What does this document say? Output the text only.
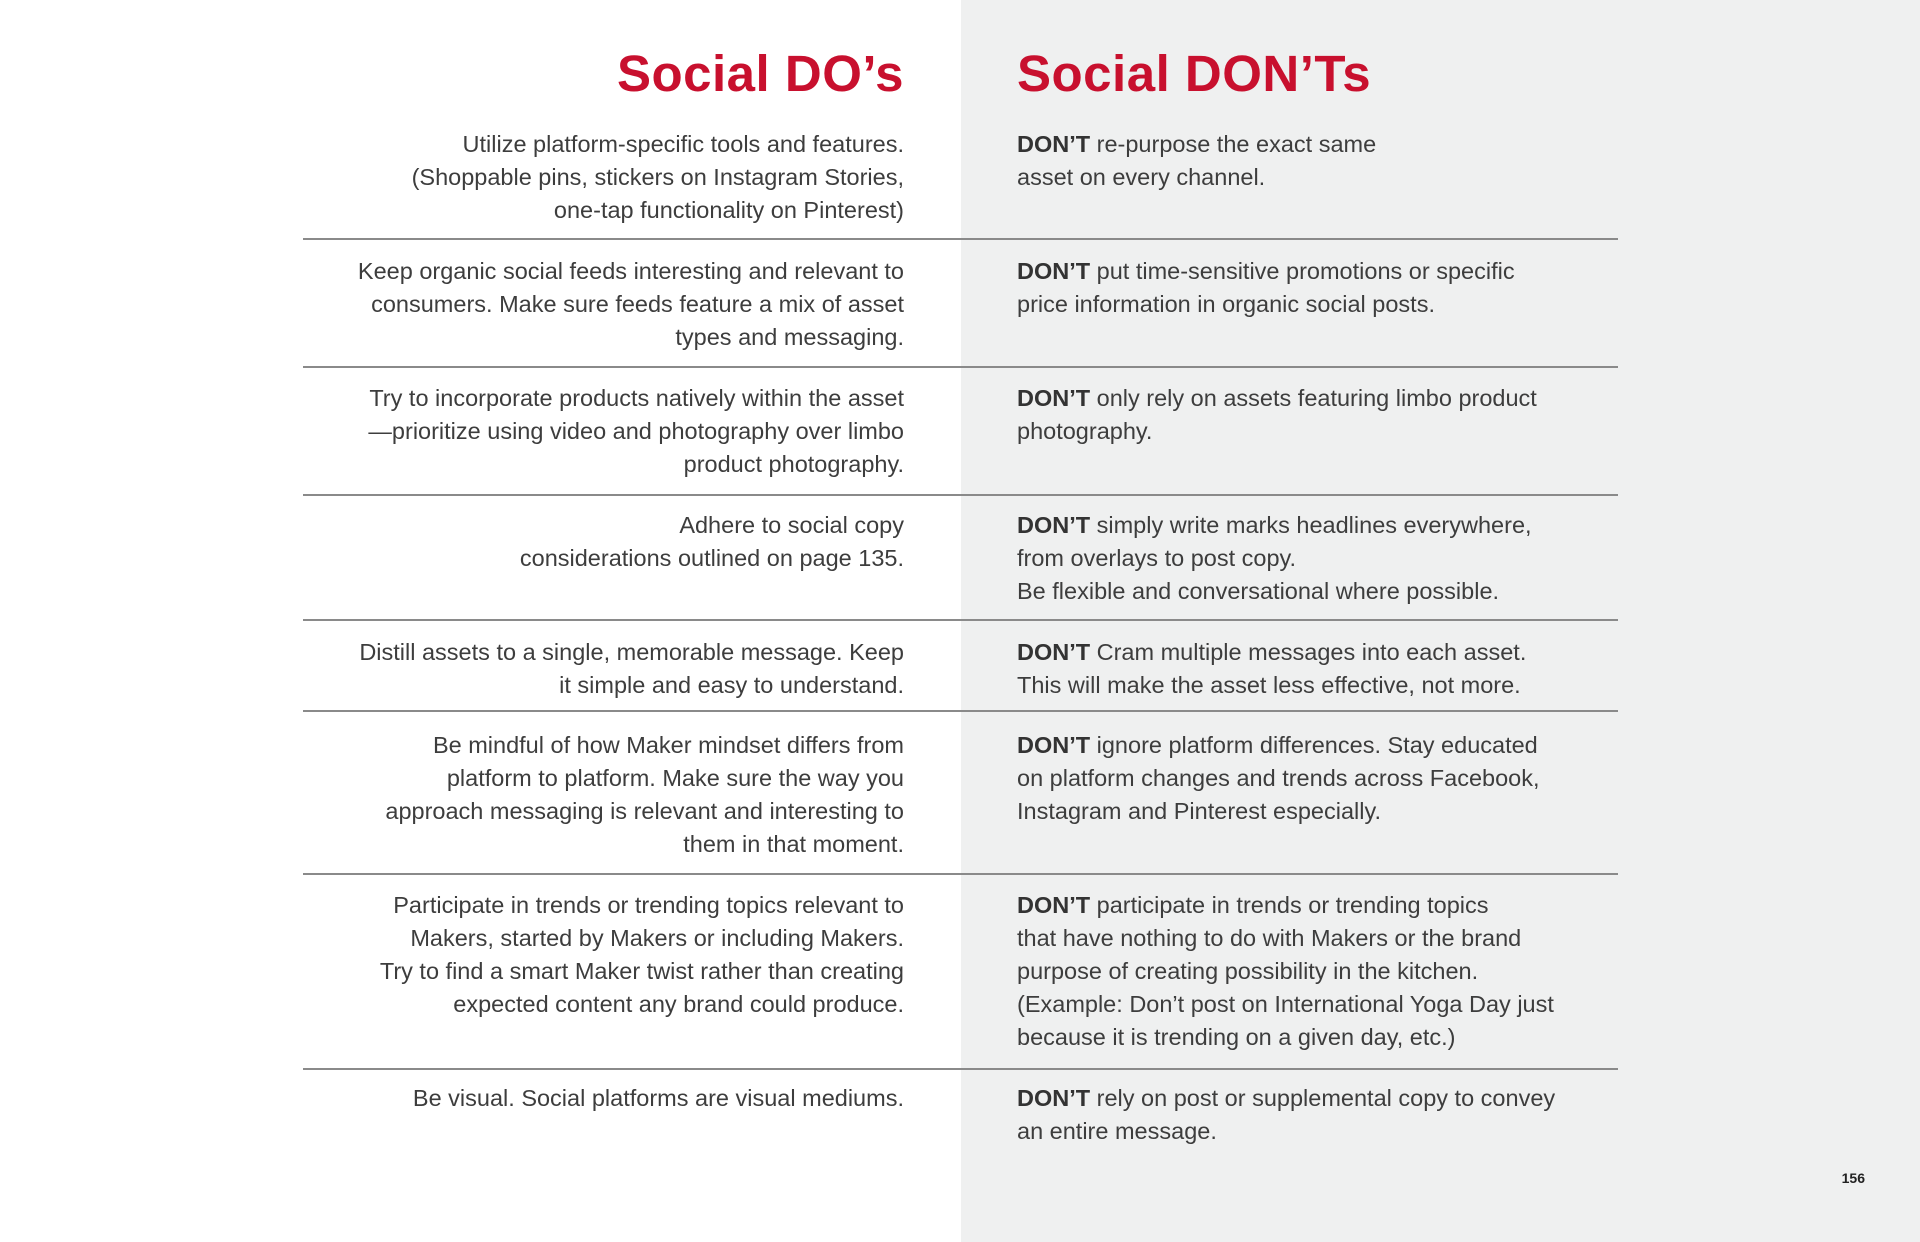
Social DO’s Social DON’Ts
Utilize platform-specific tools and features.
(Shoppable pins, stickers on Instagram Stories,
one-tap functionality on Pinterest)
DON’T re-purpose the exact same
asset on every channel.
Keep organic social feeds interesting and relevant to
consumers. Make sure feeds feature a mix of asset
types and messaging.
DON’T put time-sensitive promotions or specific
price information in organic social posts.
Try to incorporate products natively within the asset
—prioritize using video and photography over limbo
product photography.
DON’T only rely on assets featuring limbo product
photography.
Adhere to social copy
considerations outlined on page 135.
DON’T simply write marks headlines everywhere,
from overlays to post copy.
Be flexible and conversational where possible.
Distill assets to a single, memorable message. Keep
it simple and easy to understand.
DON’T Cram multiple messages into each asset.
This will make the asset less effective, not more.
Be mindful of how Maker mindset differs from
platform to platform. Make sure the way you
approach messaging is relevant and interesting to
them in that moment.
DON’T ignore platform differences. Stay educated
on platform changes and trends across Facebook,
Instagram and Pinterest especially.
Participate in trends or trending topics relevant to
Makers, started by Makers or including Makers.
Try to find a smart Maker twist rather than creating
expected content any brand could produce.
DON’T participate in trends or trending topics
that have nothing to do with Makers or the brand
purpose of creating possibility in the kitchen.
(Example: Don’t post on International Yoga Day just
because it is trending on a given day, etc.)
Be visual. Social platforms are visual mediums.	DON’T rely on post or supplemental copy to convey
an entire message.
156
